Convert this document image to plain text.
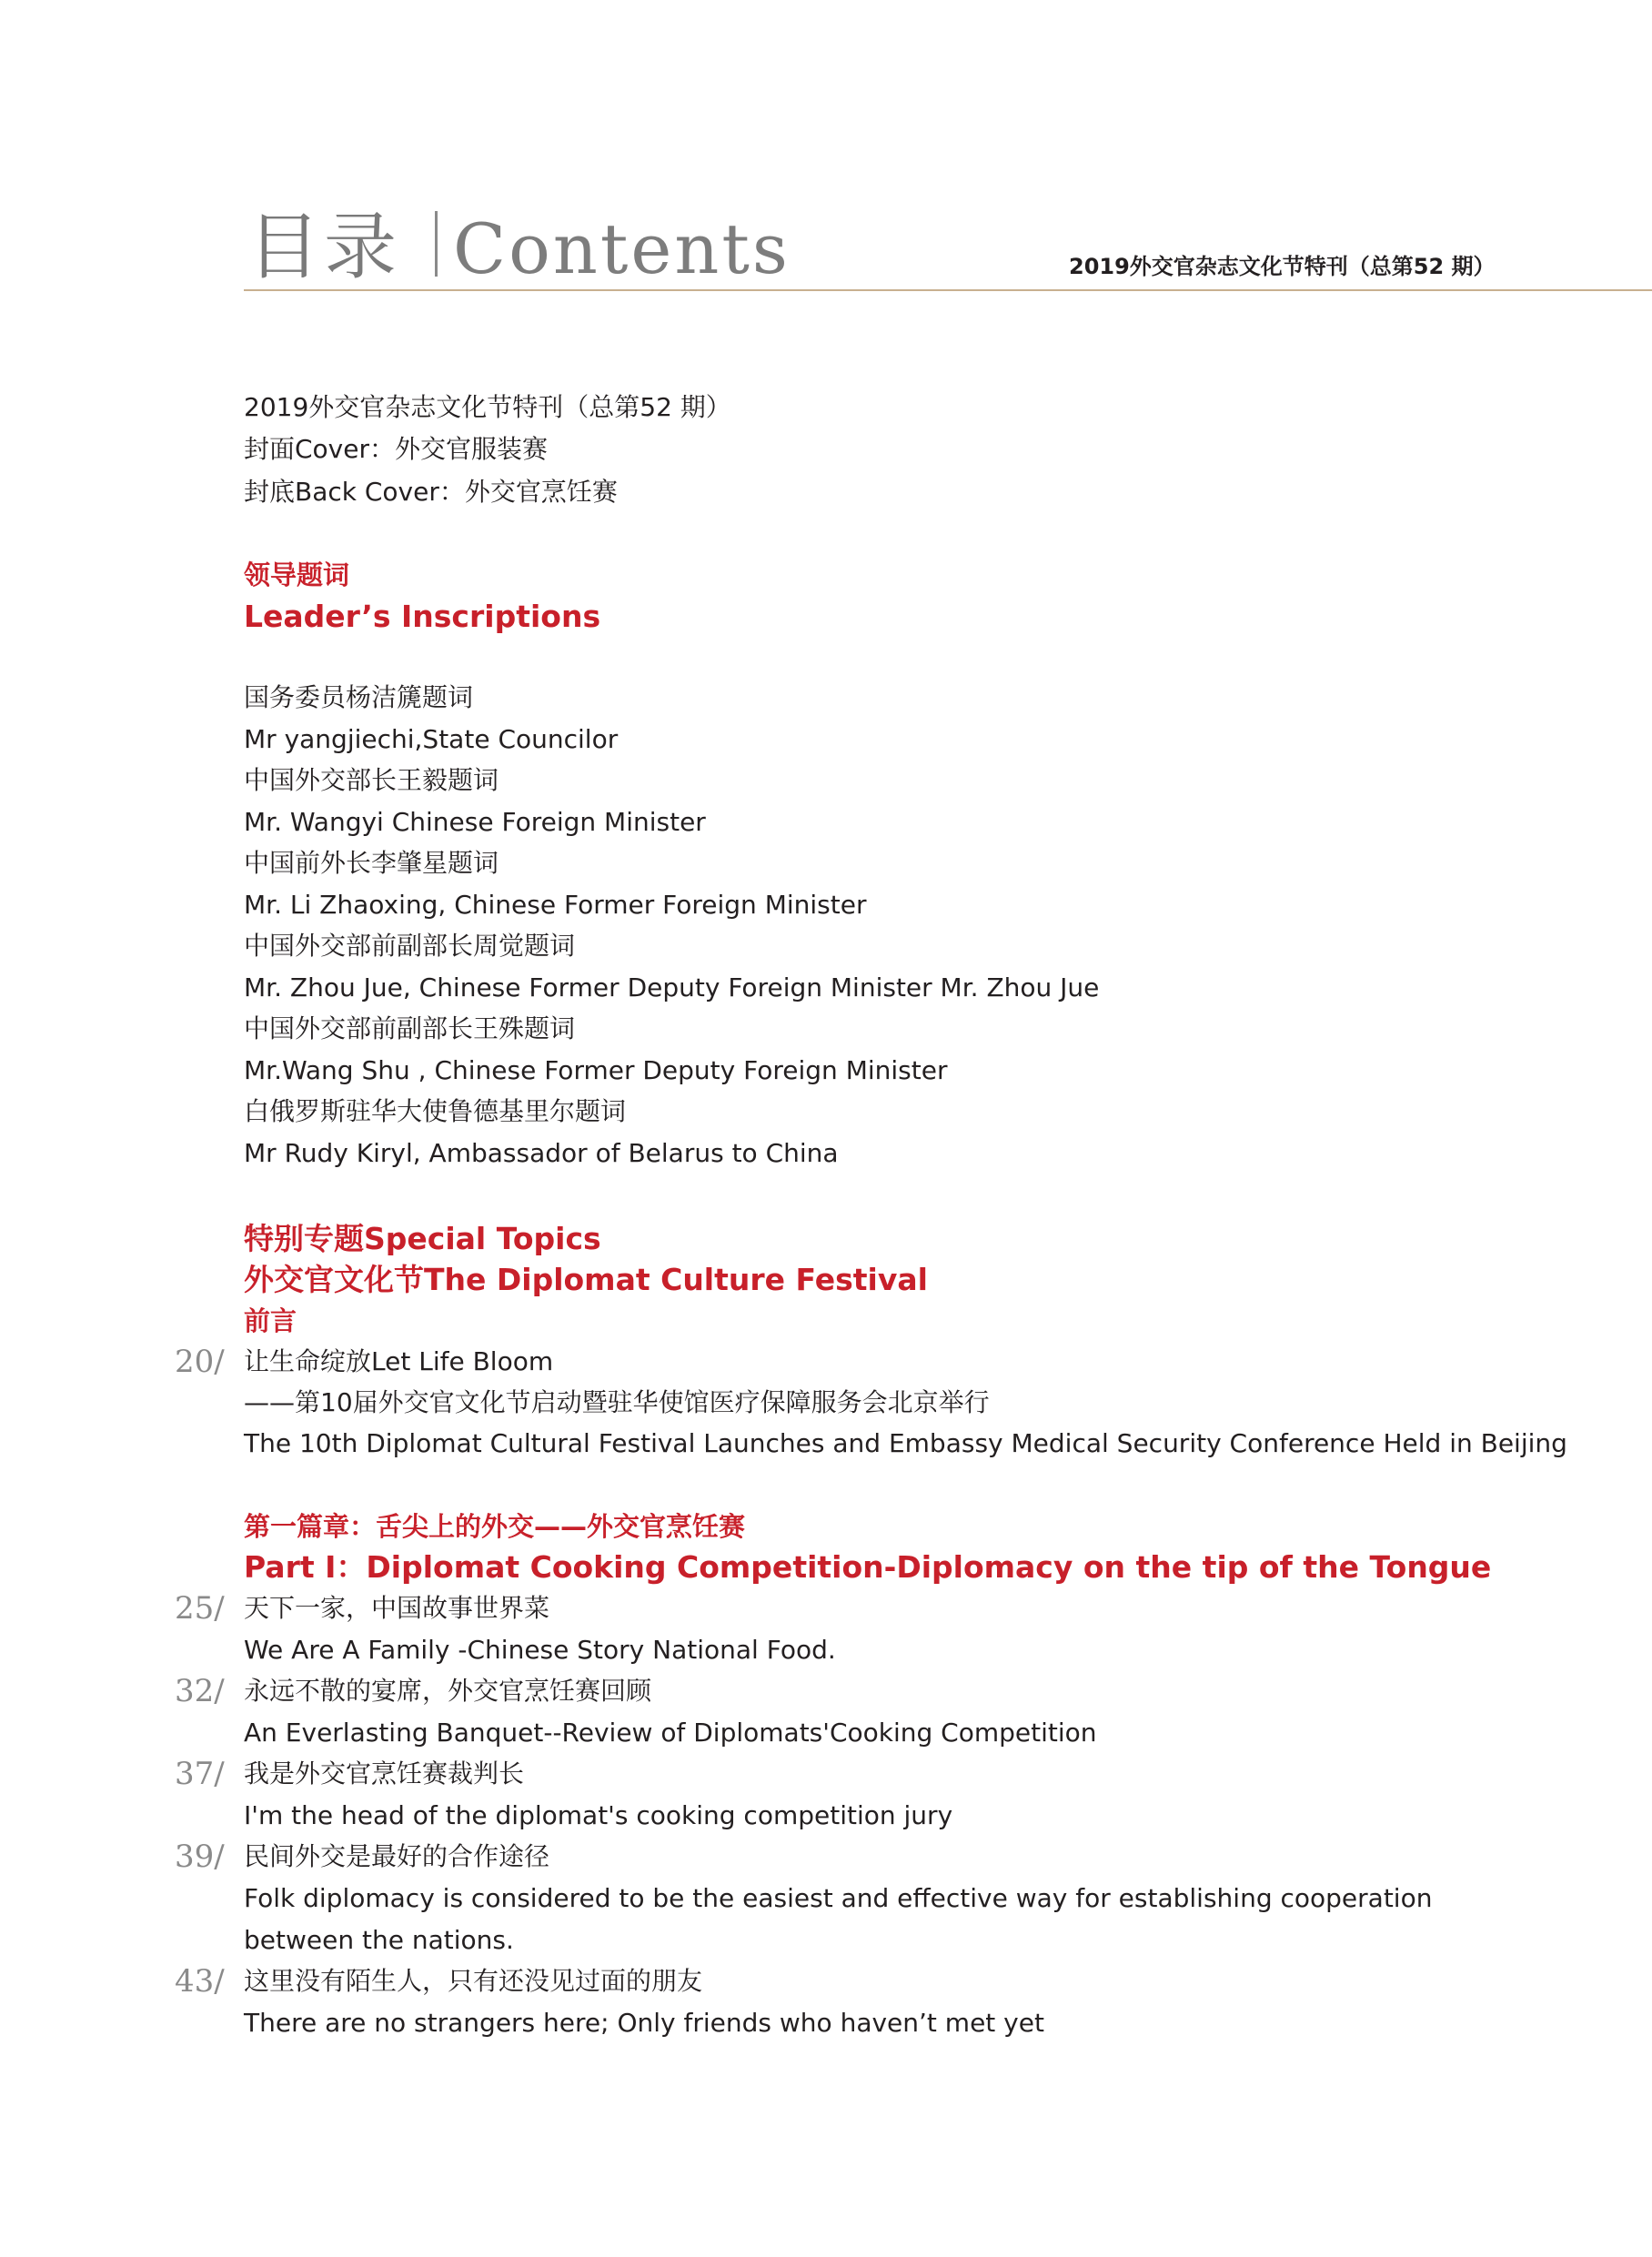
目录 Contents	2019外交官杂志文化节特刊（总第52 期）
2019外交官杂志文化节特刊（总第52 期）
封面Cover：外交官服装赛
封底Back Cover：外交官烹饪赛
领导题词
Leader’s Inscriptions
国务委员杨洁篪题词
Mr yangjiechi,State Councilor
中国外交部长王毅题词
Mr. Wangyi Chinese Foreign Minister
中国前外长李肇星题词
Mr. Li Zhaoxing, Chinese Former Foreign Minister
中国外交部前副部长周觉题词
Mr. Zhou Jue, Chinese Former Deputy Foreign Minister Mr. Zhou Jue
中国外交部前副部长王殊题词
Mr.Wang Shu , Chinese Former Deputy Foreign Minister
白俄罗斯驻华大使鲁德基里尔题词
Mr Rudy Kiryl, Ambassador of Belarus to China
特别专题Special Topics
外交官文化节The Diplomat Culture Festival
前言
20/ 让生命绽放Let Life Bloom
——第10届外交官文化节启动暨驻华使馆医疗保障服务会北京举行
The 10th Diplomat Cultural Festival Launches and Embassy Medical Security Conference Held in Beijing
第一篇章：舌尖上的外交——外交官烹饪赛
Part I：Diplomat Cooking Competition-Diplomacy on the tip of the Tongue
25/ 天下一家，中国故事世界菜
We Are A Family -Chinese Story National Food.
32/ 永远不散的宴席，外交官烹饪赛回顾
An Everlasting Banquet--Review of Diplomats'Cooking Competition
37/ 我是外交官烹饪赛裁判长
I'm the head of the diplomat's cooking competition jury
39/ 民间外交是最好的合作途径
Folk diplomacy is considered to be the easiest and effective way for establishing cooperation between the nations.
43/ 这里没有陌生人，只有还没见过面的朋友
There are no strangers here; Only friends who haven’t met yet
